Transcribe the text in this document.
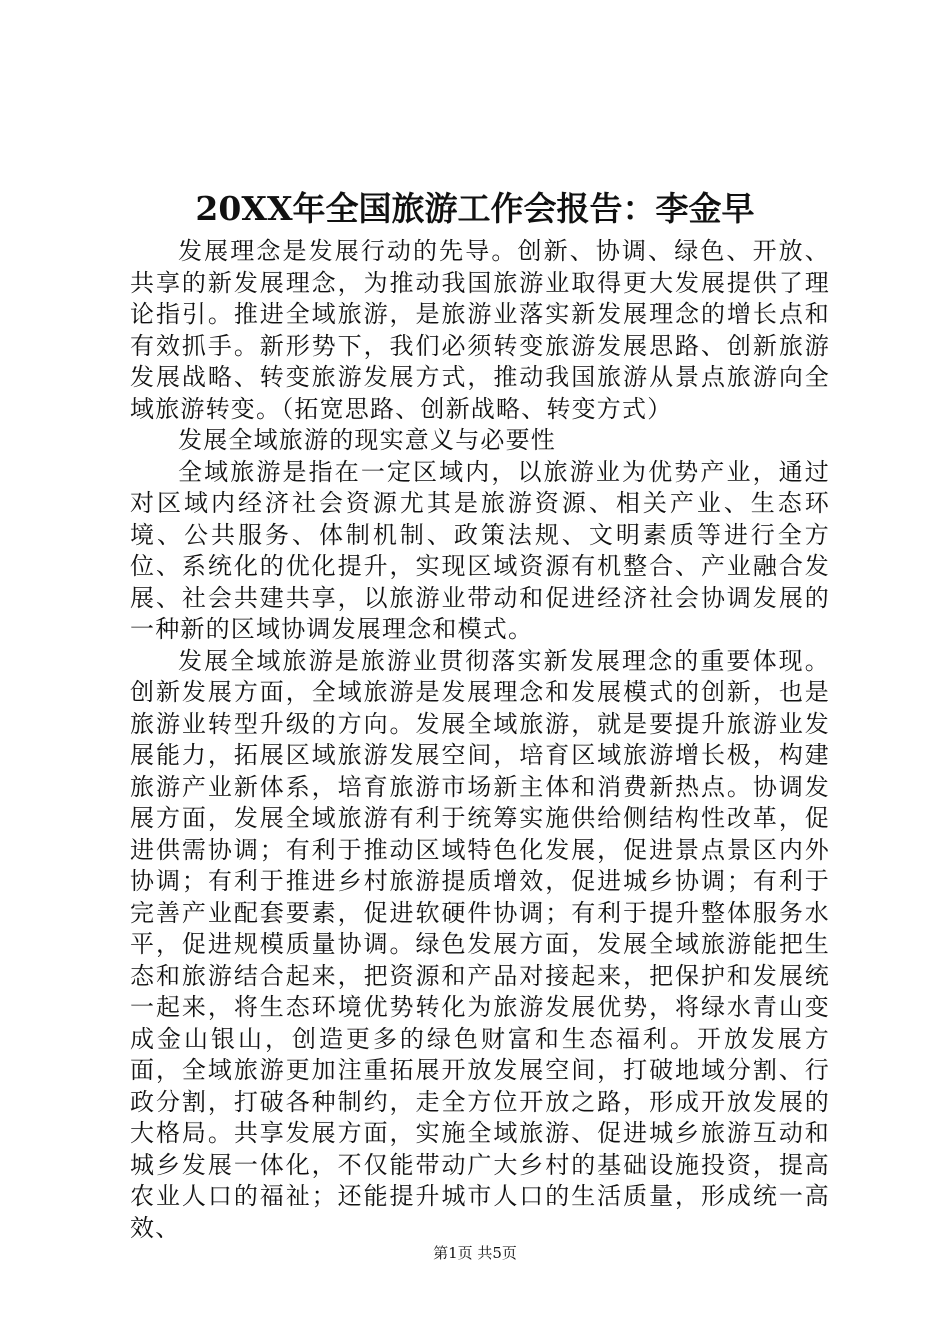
20XX年全国旅游工作会报告：李金早

发展理念是发展行动的先导。创新、协调、绿色、开放、共享的新发展理念，为推动我国旅游业取得更大发展提供了理论指引。推进全域旅游，是旅游业落实新发展理念的增长点和有效抓手。新形势下，我们必须转变旅游发展思路、创新旅游发展战略、转变旅游发展方式，推动我国旅游从景点旅游向全域旅游转变。（拓宽思路、创新战略、转变方式）

发展全域旅游的现实意义与必要性

全域旅游是指在一定区域内，以旅游业为优势产业，通过对区域内经济社会资源尤其是旅游资源、相关产业、生态环境、公共服务、体制机制、政策法规、文明素质等进行全方位、系统化的优化提升，实现区域资源有机整合、产业融合发展、社会共建共享，以旅游业带动和促进经济社会协调发展的一种新的区域协调发展理念和模式。

发展全域旅游是旅游业贯彻落实新发展理念的重要体现。创新发展方面，全域旅游是发展理念和发展模式的创新，也是旅游业转型升级的方向。发展全域旅游，就是要提升旅游业发展能力，拓展区域旅游发展空间，培育区域旅游增长极，构建旅游产业新体系，培育旅游市场新主体和消费新热点。协调发展方面，发展全域旅游有利于统筹实施供给侧结构性改革，促进供需协调；有利于推动区域特色化发展，促进景点景区内外协调；有利于推进乡村旅游提质增效，促进城乡协调；有利于完善产业配套要素，促进软硬件协调；有利于提升整体服务水平，促进规模质量协调。绿色发展方面，发展全域旅游能把生态和旅游结合起来，把资源和产品对接起来，把保护和发展统一起来，将生态环境优势转化为旅游发展优势，将绿水青山变成金山银山，创造更多的绿色财富和生态福利。开放发展方面，全域旅游更加注重拓展开放发展空间，打破地域分割、行政分割，打破各种制约，走全方位开放之路，形成开放发展的大格局。共享发展方面，实施全域旅游、促进城乡旅游互动和城乡发展一体化，不仅能带动广大乡村的基础设施投资，提高农业人口的福祉；还能提升城市人口的生活质量，形成统一高效、

第1页 共5页
